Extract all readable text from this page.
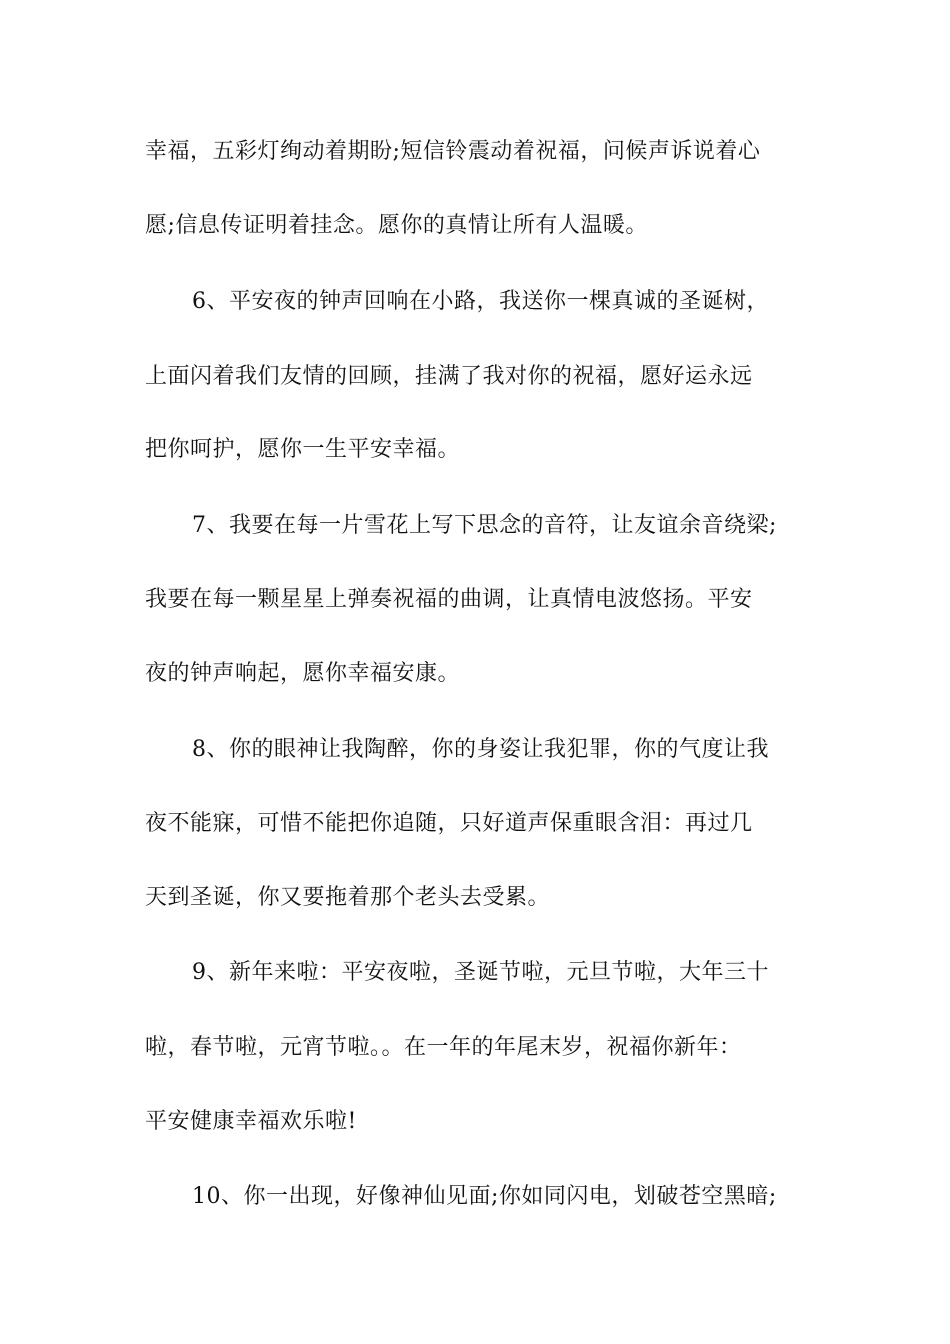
幸福，五彩灯绚动着期盼;短信铃震动着祝福，问候声诉说着心
愿;信息传证明着挂念。愿你的真情让所有人温暖。
6、平安夜的钟声回响在小路，我送你一棵真诚的圣诞树，
上面闪着我们友情的回顾，挂满了我对你的祝福，愿好运永远
把你呵护，愿你一生平安幸福。
7、我要在每一片雪花上写下思念的音符，让友谊余音绕梁;
我要在每一颗星星上弹奏祝福的曲调，让真情电波悠扬。平安
夜的钟声响起，愿你幸福安康。
8、你的眼神让我陶醉，你的身姿让我犯罪，你的气度让我
夜不能寐，可惜不能把你追随，只好道声保重眼含泪：再过几
天到圣诞，你又要拖着那个老头去受累。
9、新年来啦：平安夜啦，圣诞节啦，元旦节啦，大年三十
啦，春节啦，元宵节啦。。在一年的年尾末岁，祝福你新年：
平安健康幸福欢乐啦!
10、你一出现，好像神仙见面;你如同闪电，划破苍空黑暗;
